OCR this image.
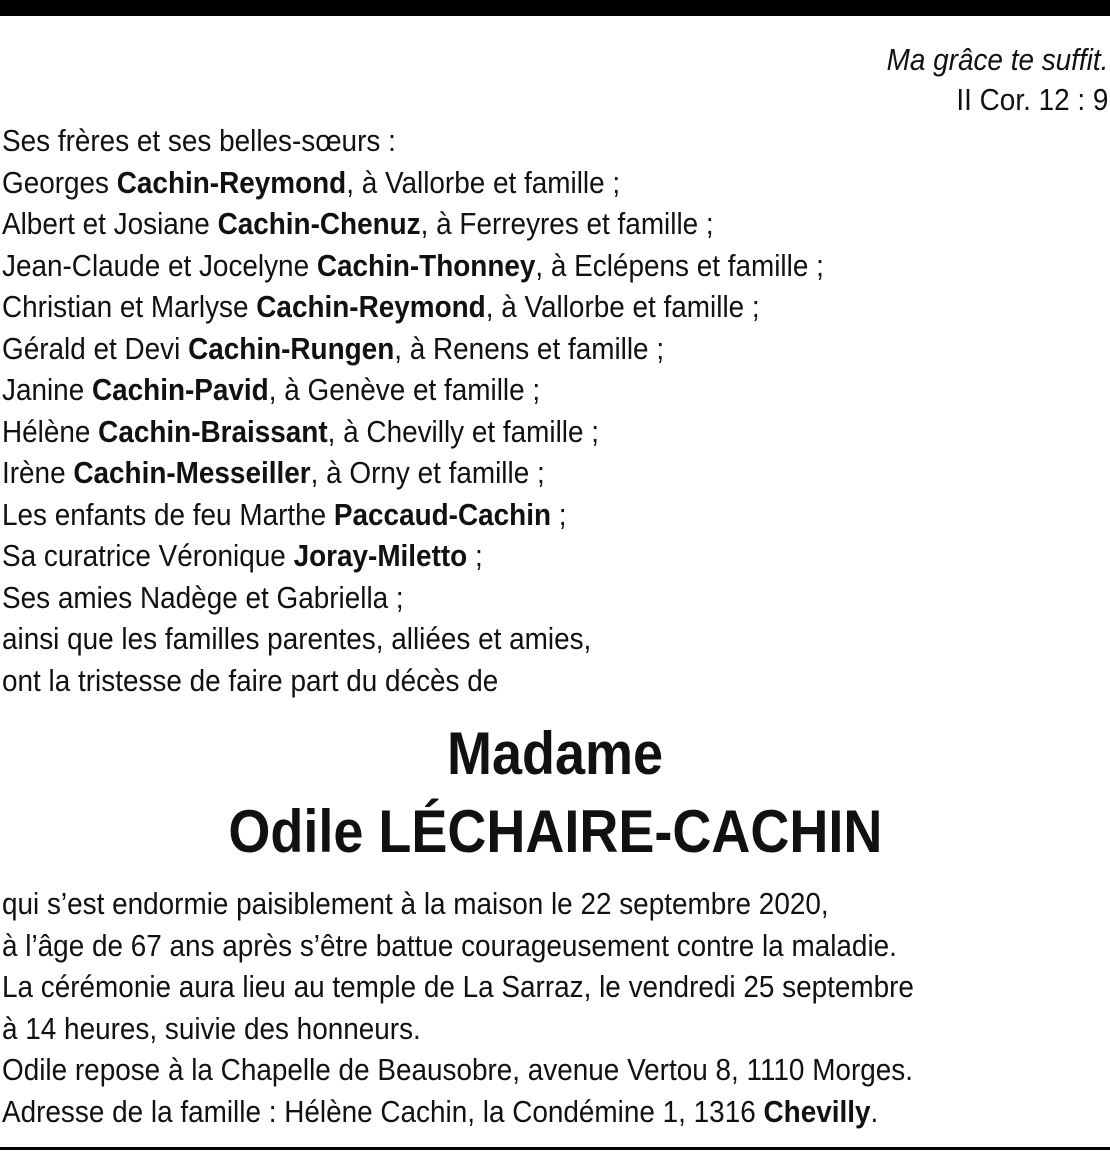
Ma grâce te suffit.
II Cor. 12 : 9
Ses frères et ses belles-sœurs :
Georges Cachin-Reymond, à Vallorbe et famille ;
Albert et Josiane Cachin-Chenuz, à Ferreyres et famille ;
Jean-Claude et Jocelyne Cachin-Thonney, à Eclépens et famille ;
Christian et Marlyse Cachin-Reymond, à Vallorbe et famille ;
Gérald et Devi Cachin-Rungen, à Renens et famille ;
Janine Cachin-Pavid, à Genève et famille ;
Hélène Cachin-Braissant, à Chevilly et famille ;
Irène Cachin-Messeiller, à Orny et famille ;
Les enfants de feu Marthe Paccaud-Cachin ;
Sa curatrice Véronique Joray-Miletto ;
Ses amies Nadège et Gabriella ;
ainsi que les familles parentes, alliées et amies,
ont la tristesse de faire part du décès de
Madame
Odile LÉCHAIRE-CACHIN
qui s’est endormie paisiblement à la maison le 22 septembre 2020,
à l’âge de 67 ans après s’être battue courageusement contre la maladie.
La cérémonie aura lieu au temple de La Sarraz, le vendredi 25 septembre
à 14 heures, suivie des honneurs.
Odile repose à la Chapelle de Beausobre, avenue Vertou 8, 1110 Morges.
Adresse de la famille : Hélène Cachin, la Condémine 1, 1316 Chevilly.
